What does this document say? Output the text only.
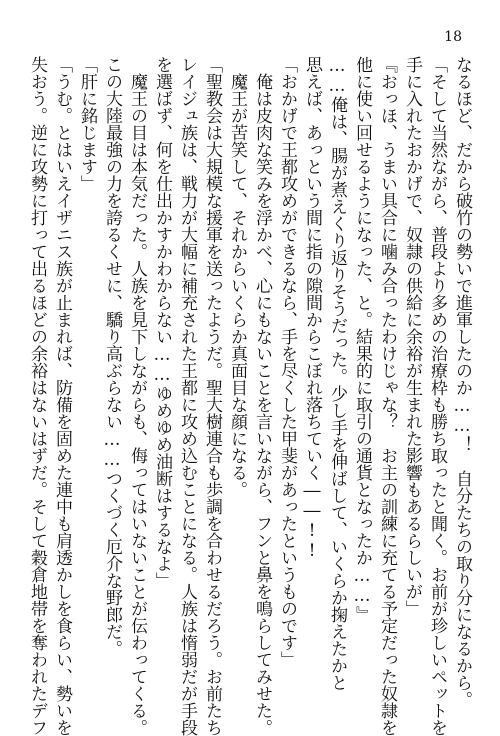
18
なるほど、だから破竹の勢いで進軍したのか……！　自分たちの取り分になるから。
「そして当然ながら、普段より多めの治療枠も勝ち取ったと聞く。お前が珍しいペットを
手に入れたおかげで、奴隷の供給に余裕が生まれた影響もあるらしいが」
『おっほ、うまい具合に噛み合ったわけじゃな？　お主の訓練に充てる予定だった奴隷を
他に使い回せるようになった、と。結果的に取引の通貨となったか……』
……俺は、腸が煮えくり返りそうだった。少し手を伸ばして、いくらか掬えたかと
思えば、あっという間に指の隙間からこぼれ落ちていく――!!
「おかげで王都攻めができるなら、手を尽くした甲斐があったというものです」
　俺は皮肉な笑みを浮かべ、心にもないことを言いながら、フンと鼻を鳴らしてみせた。
　魔王が苦笑して、それからいくらか真面目な顔になる。
「聖教会は大規模な援軍を送ったようだ。聖大樹連合も歩調を合わせるだろう。お前たち
レイジュ族は、戦力が大幅に補充された王都に攻め込むことになる。人族は惰弱だが手段
を選ばず、何を仕出かすかわからない……ゆめゆめ油断はするなよ」
　魔王の目は本気だった。人族を見下しながらも、侮ってはいないことが伝わってくる。
この大陸最強の力を誇るくせに、驕り高ぶらない……つくづく厄介な野郎だ。
「肝に銘じます」
「うむ。とはいえイザニス族が止まれば、防備を固めた連中も肩透かしを食らい、勢いを
失おう。逆に攻勢に打って出るほどの余裕はないはずだ。そして穀倉地帯を奪われたデフ
